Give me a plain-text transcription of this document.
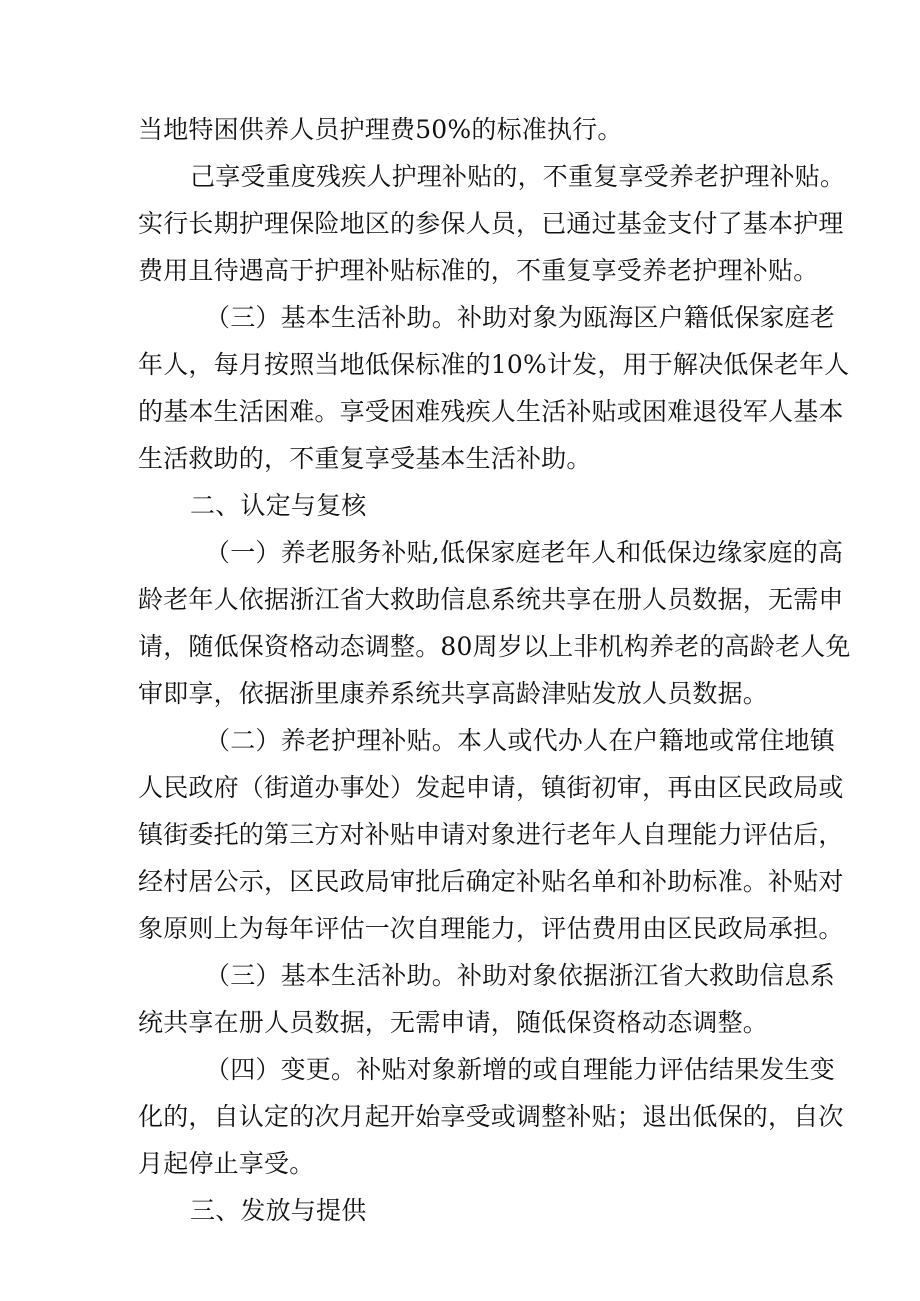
当地特困供养人员护理费50%的标准执行。
己享受重度残疾人护理补贴的，不重复享受养老护理补贴。
实行长期护理保险地区的参保人员，已通过基金支付了基本护理
费用且待遇高于护理补贴标准的，不重复享受养老护理补贴。
（三）基本生活补助。补助对象为瓯海区户籍低保家庭老
年人，每月按照当地低保标准的10%计发，用于解决低保老年人
的基本生活困难。享受困难残疾人生活补贴或困难退役军人基本
生活救助的，不重复享受基本生活补助。
二、认定与复核
（一）养老服务补贴,低保家庭老年人和低保边缘家庭的高
龄老年人依据浙江省大救助信息系统共享在册人员数据，无需申
请，随低保资格动态调整。80周岁以上非机构养老的高龄老人免
审即享，依据浙里康养系统共享高龄津贴发放人员数据。
（二）养老护理补贴。本人或代办人在户籍地或常住地镇
人民政府（街道办事处）发起申请，镇街初审，再由区民政局或
镇街委托的第三方对补贴申请对象进行老年人自理能力评估后，
经村居公示，区民政局审批后确定补贴名单和补助标准。补贴对
象原则上为每年评估一次自理能力，评估费用由区民政局承担。
（三）基本生活补助。补助对象依据浙江省大救助信息系
统共享在册人员数据，无需申请，随低保资格动态调整。
（四）变更。补贴对象新增的或自理能力评估结果发生变
化的，自认定的次月起开始享受或调整补贴；退出低保的，自次
月起停止享受。
三、发放与提供
